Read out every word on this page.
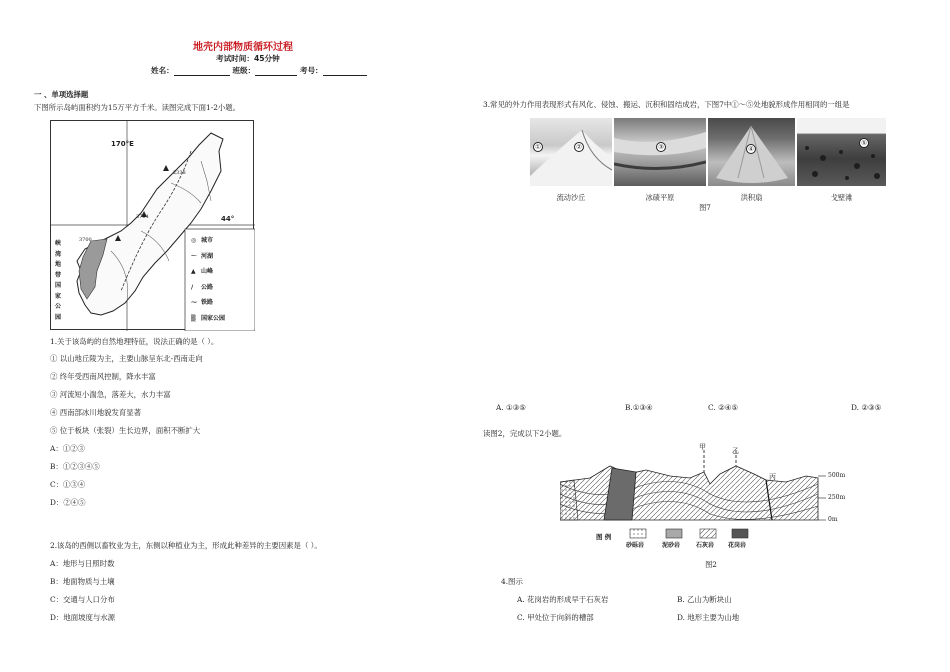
地壳内部物质循环过程
考试时间：45分钟
姓名：	班级：	考号：
一 、单项选择题
下图所示岛屿面积约为15万平方千米。读图完成下面1-2小题。
170°E
44°
2338
3764
3700
峡湾地带国家公园
◎ 城市
～ 河湖
▲ 山峰
∕ 公路
⁓ 铁路
▒ 国家公园
1.关于该岛屿的自然地理特征，说法正确的是（ ）。
① 以山地丘陵为主，主要山脉呈东北-西南走向
② 终年受西南风控制，降水丰富
③ 河流短小湍急，落差大，水力丰富
④ 西南部冰川地貌发育显著
⑤ 位于板块（张裂）生长边界，面积不断扩大
A：①②③
B：①②③④⑤
C：①③④
D：②④⑤
2.该岛的西侧以畜牧业为主，东侧以种植业为主，形成此种差异的主要因素是（ ）。
A：地形与日照时数
B：地面物质与土壤
C：交通与人口分布
D：地面坡度与水源
3.常见的外力作用表现形式有风化、侵蚀、搬运、沉积和固结成岩，下图7中①～⑤处地貌形成作用相同的一组是
①	②	③	④
⑤
流动沙丘	冰碛平原	洪积扇	戈壁滩
图7
A. ①③⑤	B.①③④	C. ②④⑤	D. ②③⑤
读图2，完成以下2小题。
甲	乙
丙	500m
250m
0m
图 例
砂砾岩	泥砂岩	石灰岩 花岗岩
图2
4.图示
A. 花岗岩的形成早于石灰岩	B. 乙山为断块山
C. 甲处位于向斜的槽部	D. 地形主要为山地
